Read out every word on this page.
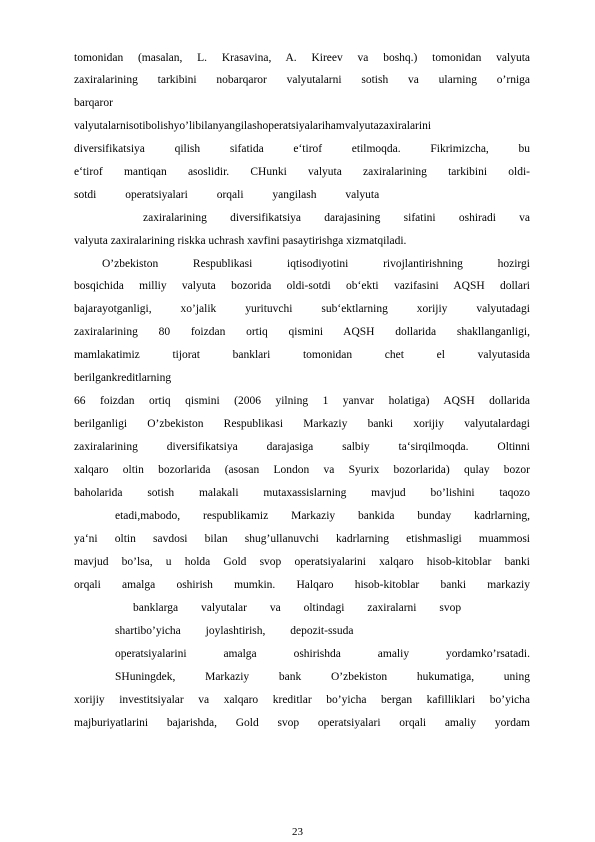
tomonidan (masalan, L. Krasavina, A. Kireev va boshq.) tomonidan valyuta
zaxiralarining tarkibini nobarqaror valyutalarni sotish va ularning o’rniga
barqaror
valyutalarnisotibolishyo’libilanyangilashoperatsiyalarihamvalyutazaxiralarini
diversifikatsiya qilish sifatida e‘tirof etilmoqda. Fikrimizcha, bu
e‘tirof mantiqan asoslidir. CHunki valyuta zaxiralarining tarkibini oldi-
sotdi operatsiyalari orqali yangilash valyuta
zaxiralarining diversifikatsiya darajasining sifatini oshiradi va
valyuta zaxiralarining riskka uchrash xavfini pasaytirishga xizmatqiladi.
O’zbekiston Respublikasi iqtisodiyotini rivojlantirishning hozirgi
bosqichida milliy valyuta bozorida oldi-sotdi ob‘ekti vazifasini AQSH dollari
bajarayotganligi, xo’jalik yurituvchi sub‘ektlarning xorijiy valyutadagi
zaxiralarining 80 foizdan ortiq qismini AQSH dollarida shakllanganligi,
mamlakatimiz tijorat banklari tomonidan chet el valyutasida
berilgankreditlarning
66 foizdan ortiq qismini (2006 yilning 1 yanvar holatiga) AQSH dollarida
berilganligi O’zbekiston Respublikasi Markaziy banki xorijiy valyutalardagi
zaxiralarining diversifikatsiya darajasiga salbiy ta‘sirqilmoqda. Oltinni
xalqaro oltin bozorlarida (asosan London va Syurix bozorlarida) qulay bozor
baholarida sotish malakali mutaxassislarning mavjud bo’lishini taqozo
etadi,mabodo, respublikamiz Markaziy bankida bunday kadrlarning,
ya‘ni oltin savdosi bilan shug’ullanuvchi kadrlarning etishmasligi muammosi
mavjud bo’lsa, u holda Gold svop operatsiyalarini xalqaro hisob-kitoblar banki
orqali amalga oshirish mumkin. Halqaro hisob-kitoblar banki markaziy
banklarga valyutalar va oltindagi zaxiralarni svop
shartibo’yicha joylashtirish, depozit-ssuda
operatsiyalarini amalga oshirishda amaliy yordamko’rsatadi.
SHuningdek, Markaziy bank O’zbekiston hukumatiga, uning
xorijiy investitsiyalar va xalqaro kreditlar bo’yicha bergan kafilliklari bo’yicha
majburiyatlarini bajarishda, Gold svop operatsiyalari orqali amaliy yordam
23
